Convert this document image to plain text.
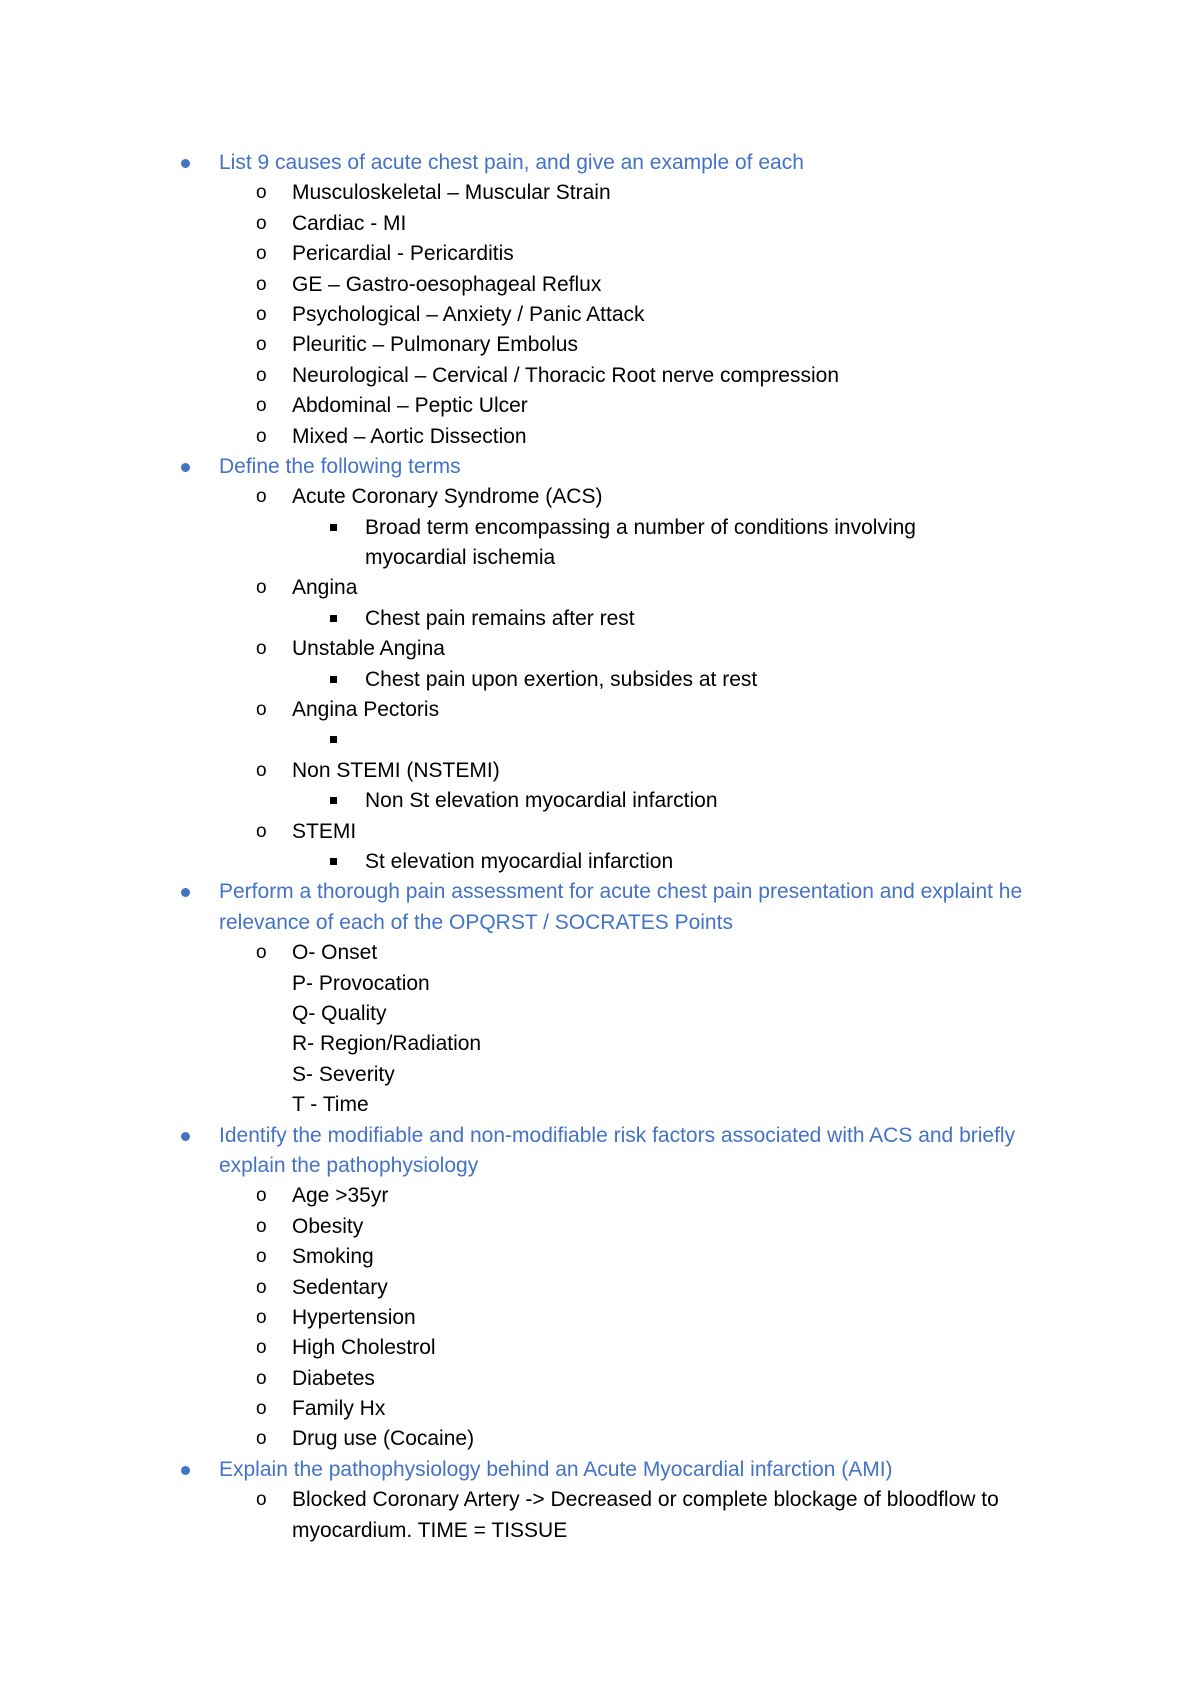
List 9 causes of acute chest pain, and give an example of each
o Musculoskeletal – Muscular Strain
o Cardiac - MI
o Pericardial - Pericarditis
o GE – Gastro-oesophageal Reflux
o Psychological – Anxiety / Panic Attack
o Pleuritic – Pulmonary Embolus
o Neurological – Cervical / Thoracic Root nerve compression
o Abdominal – Peptic Ulcer
o Mixed – Aortic Dissection
Define the following terms
o Acute Coronary Syndrome (ACS)
Broad term encompassing a number of conditions involving myocardial ischemia
o Angina
Chest pain remains after rest
o Unstable Angina
Chest pain upon exertion, subsides at rest
o Angina Pectoris
o Non STEMI (NSTEMI)
Non St elevation myocardial infarction
o STEMI
St elevation myocardial infarction
Perform a thorough pain assessment for acute chest pain presentation and explaint he relevance of each of the OPQRST / SOCRATES Points
o O- Onset
P- Provocation
Q- Quality
R- Region/Radiation
S- Severity
T - Time
Identify the modifiable and non-modifiable risk factors associated with ACS and briefly explain the pathophysiology
o Age >35yr
o Obesity
o Smoking
o Sedentary
o Hypertension
o High Cholestrol
o Diabetes
o Family Hx
o Drug use (Cocaine)
Explain the pathophysiology behind an Acute Myocardial infarction (AMI)
o Blocked Coronary Artery -> Decreased or complete blockage of bloodflow to myocardium. TIME = TISSUE
